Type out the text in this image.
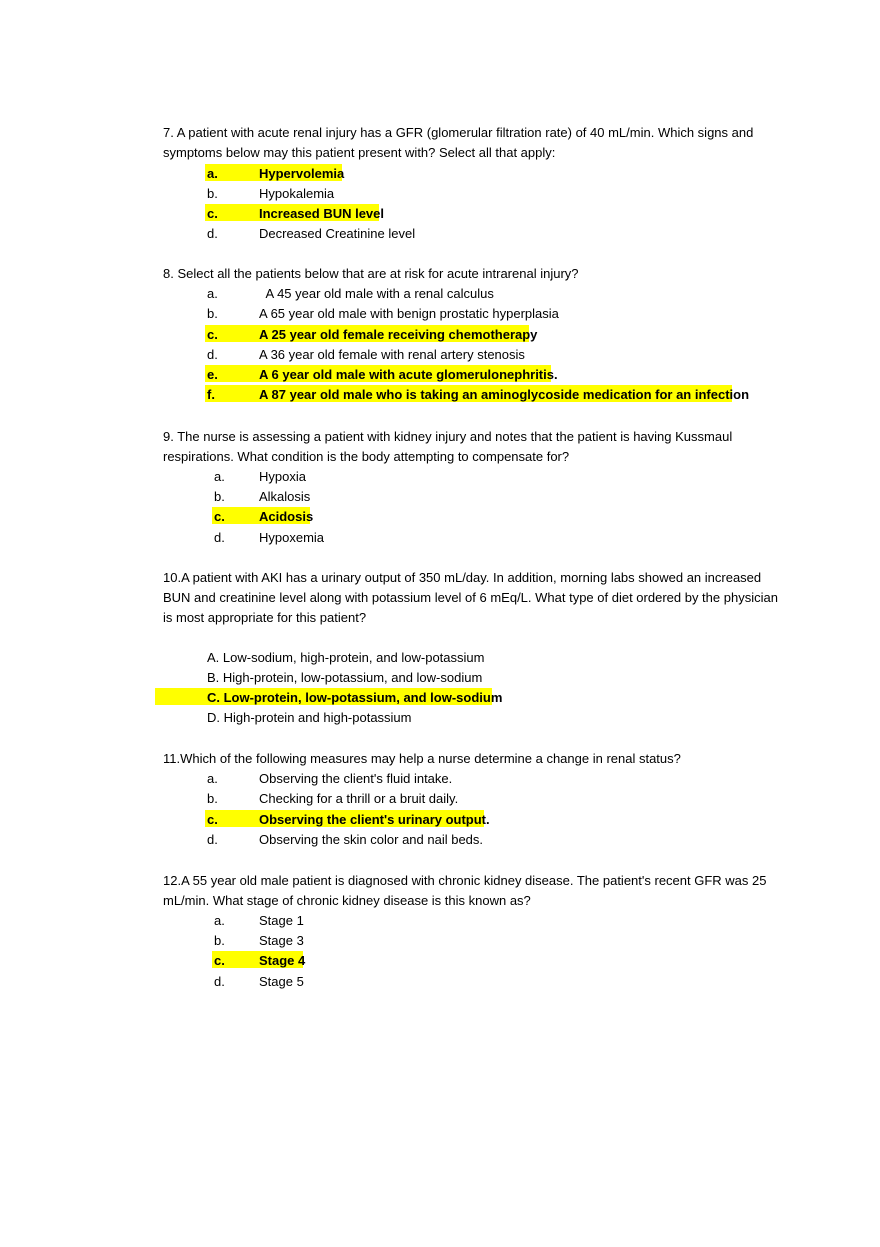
7. A patient with acute renal injury has a GFR (glomerular filtration rate) of 40 mL/min. Which signs and symptoms below may this patient present with? Select all that apply:

a.	Hypervolemia
b.	Hypokalemia
c.	Increased BUN level
d.	Decreased Creatinine level

8. Select all the patients below that are at risk for acute intrarenal injury?

a.	A 45 year old male with a renal calculus
b.	A 65 year old male with benign prostatic hyperplasia
c.	A 25 year old female receiving chemotherapy
d.	A 36 year old female with renal artery stenosis
e.	A 6 year old male with acute glomerulonephritis.
f.	A 87 year old male who is taking an aminoglycoside medication for an infection

9. The nurse is assessing a patient with kidney injury and notes that the patient is having Kussmaul respirations. What condition is the body attempting to compensate for?

a.	Hypoxia
b.	Alkalosis
c.	Acidosis
d.	Hypoxemia

10.A patient with AKI has a urinary output of 350 mL/day. In addition, morning labs showed an increased BUN and creatinine level along with potassium level of 6 mEq/L. What type of diet ordered by the physician is most appropriate for this patient?

A. Low-sodium, high-protein, and low-potassium
B. High-protein, low-potassium, and low-sodium
C. Low-protein, low-potassium, and low-sodium
D. High-protein and high-potassium

11.Which of the following measures may help a nurse determine a change in renal status?

a.	Observing the client's fluid intake.
b.	Checking for a thrill or a bruit daily.
c.	Observing the client's urinary output.
d.	Observing the skin color and nail beds.

12.A 55 year old male patient is diagnosed with chronic kidney disease. The patient's recent GFR was 25 mL/min. What stage of chronic kidney disease is this known as?

a.	Stage 1
b.	Stage 3
c.	Stage 4
d.	Stage 5
